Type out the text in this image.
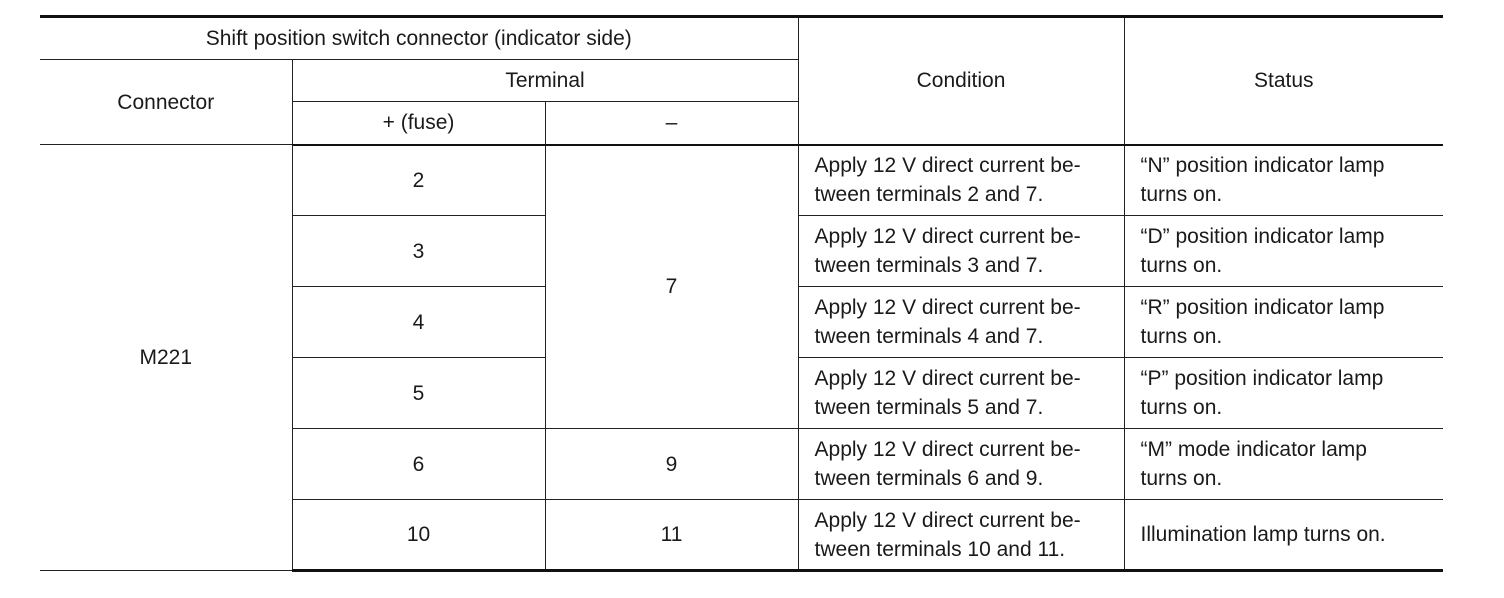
Shift position switch connector (indicator side)			Condition	Status
Connector	Terminal			
	+ (fuse)	–		
M221	2	7	Apply 12 V direct current be-
tween terminals 2 and 7.	“N” position indicator lamp
turns on.
	3		Apply 12 V direct current be-
tween terminals 3 and 7.	“D” position indicator lamp
turns on.
	4		Apply 12 V direct current be-
tween terminals 4 and 7.	“R” position indicator lamp
turns on.
	5		Apply 12 V direct current be-
tween terminals 5 and 7.	“P” position indicator lamp
turns on.
	6	9	Apply 12 V direct current be-
tween terminals 6 and 9.	“M” mode indicator lamp
turns on.
	10	11	Apply 12 V direct current be-
tween terminals 10 and 11.	Illumination lamp turns on.
